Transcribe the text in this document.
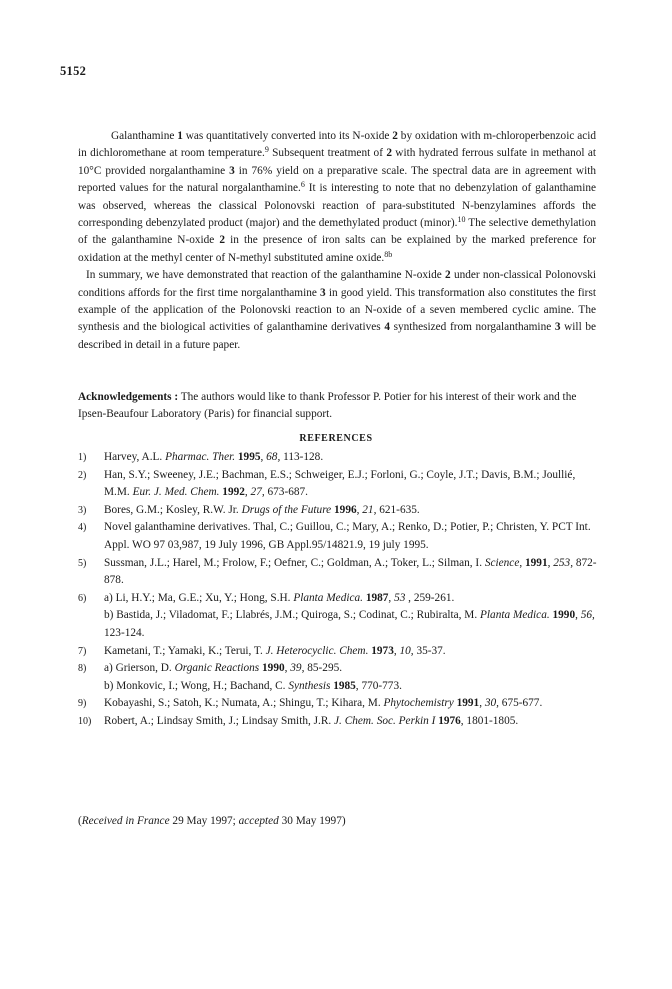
5152

Galanthamine 1 was quantitatively converted into its N-oxide 2 by oxidation with m-chloroperbenzoic acid in dichloromethane at room temperature.$^9$ Subsequent treatment of 2 with hydrated ferrous sulfate in methanol at 10°C provided norgalanthamine 3 in 76% yield on a preparative scale. The spectral data are in agreement with reported values for the natural norgalanthamine.$^6$ It is interesting to note that no debenzylation of galanthamine was observed, whereas the classical Polonovski reaction of para-substituted N-benzylamines affords the corresponding debenzylated product (major) and the demethylated product (minor).$^{10}$ The selective demethylation of the galanthamine N-oxide 2 in the presence of iron salts can be explained by the marked preference for oxidation at the methyl center of N-methyl substituted amine oxide.$^{8b}$

In summary, we have demonstrated that reaction of the galanthamine N-oxide 2 under non-classical Polonovski conditions affords for the first time norgalanthamine 3 in good yield. This transformation also constitutes the first example of the application of the Polonovski reaction to an N-oxide of a seven membered cyclic amine. The synthesis and the biological activities of galanthamine derivatives 4 synthesized from norgalanthamine 3 will be described in detail in a future paper.

Acknowledgements : The authors would like to thank Professor P. Potier for his interest of their work and the Ipsen-Beaufour Laboratory (Paris) for financial support.
REFERENCES
1)	Harvey, A.L. Pharmac. Ther. 1995, 68, 113-128.
2)	Han, S.Y.; Sweeney, J.E.; Bachman, E.S.; Schweiger, E.J.; Forloni, G.; Coyle, J.T.; Davis, B.M.; Joullié, M.M. Eur. J. Med. Chem. 1992, 27, 673-687.
3)	Bores, G.M.; Kosley, R.W. Jr. Drugs of the Future 1996, 21, 621-635.
4)	Novel galanthamine derivatives. Thal, C.; Guillou, C.; Mary, A.; Renko, D.; Potier, P.; Christen, Y. PCT Int. Appl. WO 97 03,987, 19 July 1996, GB Appl.95/14821.9, 19 july 1995.
5)	Sussman, J.L.; Harel, M.; Frolow, F.; Oefner, C.; Goldman, A.; Toker, L.; Silman, I. Science, 1991, 253, 872-878.
6)	a) Li, H.Y.; Ma, G.E.; Xu, Y.; Hong, S.H. Planta Medica. 1987, 53 , 259-261.
b) Bastida, J.; Viladomat, F.; Llabrés, J.M.; Quiroga, S.; Codinat, C.; Rubiralta, M. Planta Medica. 1990, 56, 123-124.
7)	Kametani, T.; Yamaki, K.; Terui, T. J. Heterocyclic. Chem. 1973, 10, 35-37.
8)	a) Grierson, D. Organic Reactions 1990, 39, 85-295.
b) Monkovic, I.; Wong, H.; Bachand, C. Synthesis 1985, 770-773.
9)	Kobayashi, S.; Satoh, K.; Numata, A.; Shingu, T.; Kihara, M. Phytochemistry 1991, 30, 675-677.
10)	Robert, A.; Lindsay Smith, J.; Lindsay Smith, J.R. J. Chem. Soc. Perkin I 1976, 1801-1805.
(Received in France 29 May 1997; accepted 30 May 1997)
